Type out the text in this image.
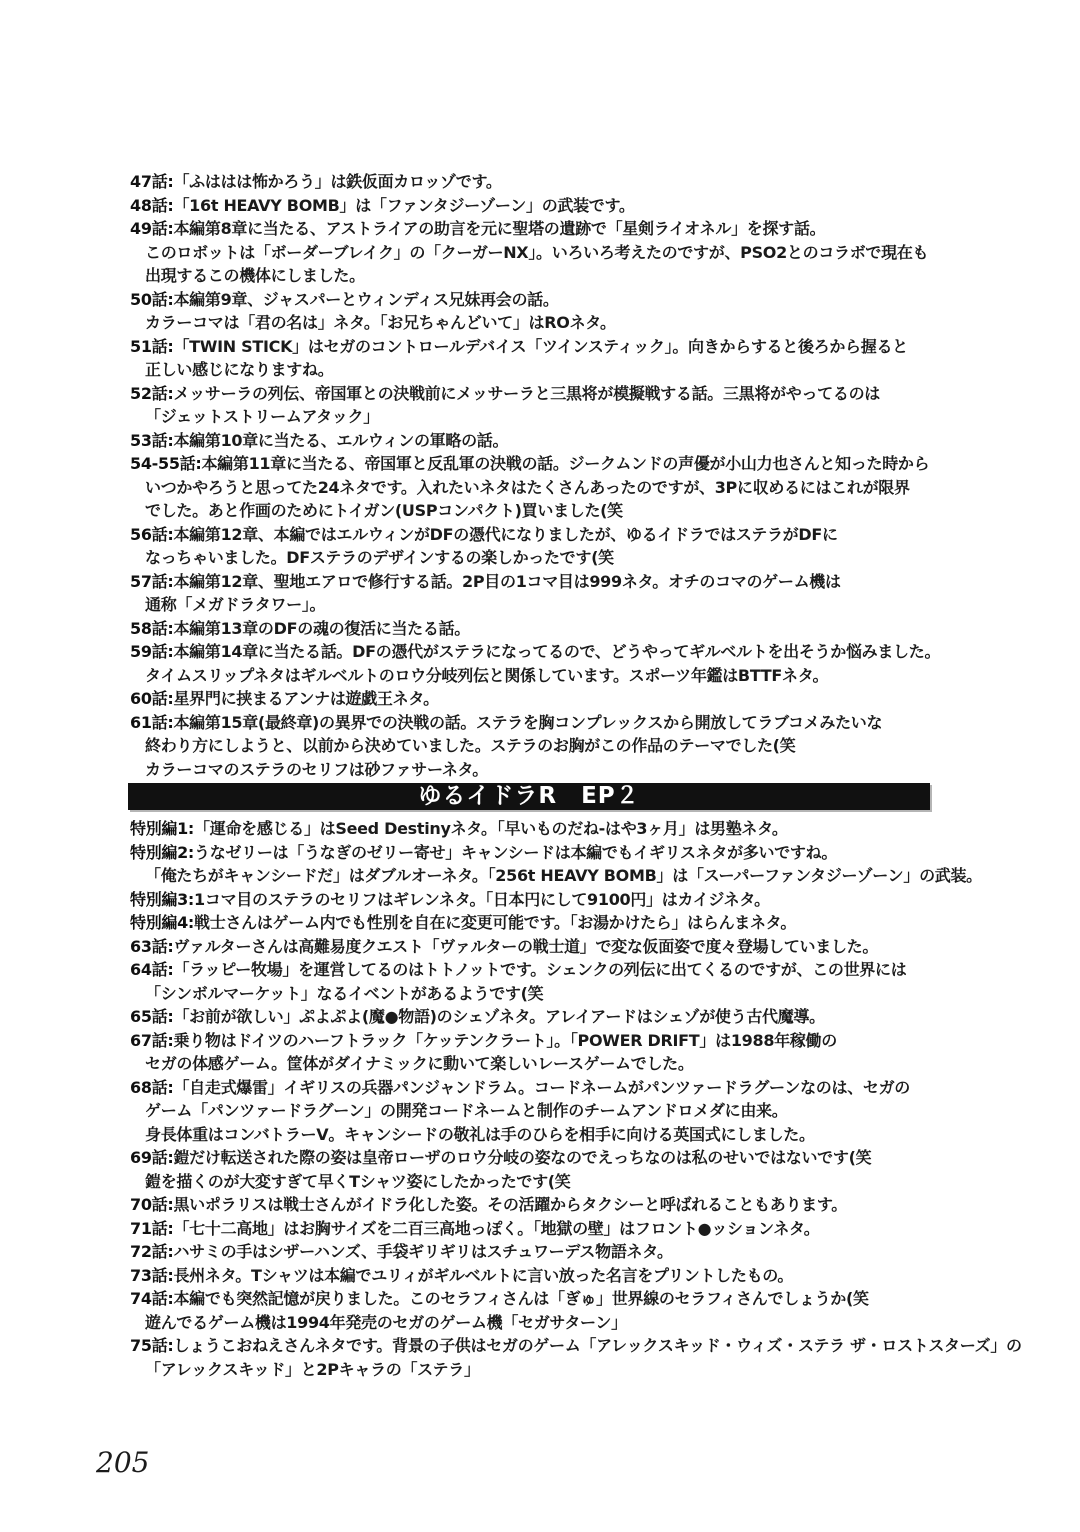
47話:「ふははは怖かろう」は鉄仮面カロッゾです。
48話:「16t HEAVY BOMB」は「ファンタジーゾーン」の武装です。
49話:本編第8章に当たる、アストライアの助言を元に聖塔の遺跡で「星剣ライオネル」を探す話。
このロボットは「ボーダーブレイク」の「クーガーNX」。いろいろ考えたのですが、PSO2とのコラボで現在も
出現するこの機体にしました。
50話:本編第9章、ジャスパーとウィンディス兄妹再会の話。
カラーコマは「君の名は」ネタ。「お兄ちゃんどいて」はROネタ。
51話:「TWIN STICK」はセガのコントロールデバイス「ツインスティック」。向きからすると後ろから握ると
正しい感じになりますね。
52話:メッサーラの列伝、帝国軍との決戦前にメッサーラと三黒将が模擬戦する話。三黒将がやってるのは
「ジェットストリームアタック」
53話:本編第10章に当たる、エルウィンの軍略の話。
54-55話:本編第11章に当たる、帝国軍と反乱軍の決戦の話。ジークムンドの声優が小山力也さんと知った時から
いつかやろうと思ってた24ネタです。入れたいネタはたくさんあったのですが、3Pに収めるにはこれが限界
でした。あと作画のためにトイガン(USPコンパクト)買いました(笑
56話:本編第12章、本編ではエルウィンがDFの憑代になりましたが、ゆるイドラではステラがDFに
なっちゃいました。DFステラのデザインするの楽しかったです(笑
57話:本編第12章、聖地エアロで修行する話。2P目の1コマ目は999ネタ。オチのコマのゲーム機は
通称「メガドラタワー」。
58話:本編第13章のDFの魂の復活に当たる話。
59話:本編第14章に当たる話。DFの憑代がステラになってるので、どうやってギルベルトを出そうか悩みました。
タイムスリップネタはギルベルトのロウ分岐列伝と関係しています。スポーツ年鑑はBTTFネタ。
60話:星界門に挟まるアンナは遊戯王ネタ。
61話:本編第15章(最終章)の異界での決戦の話。ステラを胸コンプレックスから開放してラブコメみたいな
終わり方にしようと、以前から決めていました。ステラのお胸がこの作品のテーマでした(笑
カラーコマのステラのセリフは砂ファサーネタ。
ゆるイドラR　EP２
特別編1:「運命を感じる」はSeed Destinyネタ。「早いものだね-はや3ヶ月」は男塾ネタ。
特別編2:うなゼリーは「うなぎのゼリー寄せ」キャンシードは本編でもイギリスネタが多いですね。
「俺たちがキャンシードだ」はダブルオーネタ。「256t HEAVY BOMB」は「スーパーファンタジーゾーン」の武装。
特別編3:1コマ目のステラのセリフはギレンネタ。「日本円にして9100円」はカイジネタ。
特別編4:戦士さんはゲーム内でも性別を自在に変更可能です。「お湯かけたら」はらんまネタ。
63話:ヴァルターさんは高難易度クエスト「ヴァルターの戦士道」で変な仮面姿で度々登場していました。
64話:「ラッピー牧場」を運営してるのはトトノットです。シェンクの列伝に出てくるのですが、この世界には
「シンボルマーケット」なるイベントがあるようです(笑
65話:「お前が欲しい」ぷよぷよ(魔●物語)のシェゾネタ。アレイアードはシェゾが使う古代魔導。
67話:乗り物はドイツのハーフトラック「ケッテンクラート」。「POWER DRIFT」は1988年稼働の
セガの体感ゲーム。筐体がダイナミックに動いて楽しいレースゲームでした。
68話:「自走式爆雷」イギリスの兵器パンジャンドラム。コードネームがパンツァードラグーンなのは、セガの
ゲーム「パンツァードラグーン」の開発コードネームと制作のチームアンドロメダに由来。
身長体重はコンバトラーV。キャンシードの敬礼は手のひらを相手に向ける英国式にしました。
69話:鎧だけ転送された際の姿は皇帝ローザのロウ分岐の姿なのでえっちなのは私のせいではないです(笑
鎧を描くのが大変すぎて早くTシャツ姿にしたかったです(笑
70話:黒いポラリスは戦士さんがイドラ化した姿。その活躍からタクシーと呼ばれることもあります。
71話:「七十二高地」はお胸サイズを二百三高地っぽく。「地獄の壁」はフロント●ッションネタ。
72話:ハサミの手はシザーハンズ、手袋ギリギリはスチュワーデス物語ネタ。
73話:長州ネタ。Tシャツは本編でユリィがギルベルトに言い放った名言をプリントしたもの。
74話:本編でも突然記憶が戻りました。このセラフィさんは「ぎゅ」世界線のセラフィさんでしょうか(笑
遊んでるゲーム機は1994年発売のセガのゲーム機「セガサターン」
75話:しょうこおねえさんネタです。背景の子供はセガのゲーム「アレックスキッド・ウィズ・ステラ ザ・ロストスターズ」の
「アレックスキッド」と2Pキャラの「ステラ」
205
